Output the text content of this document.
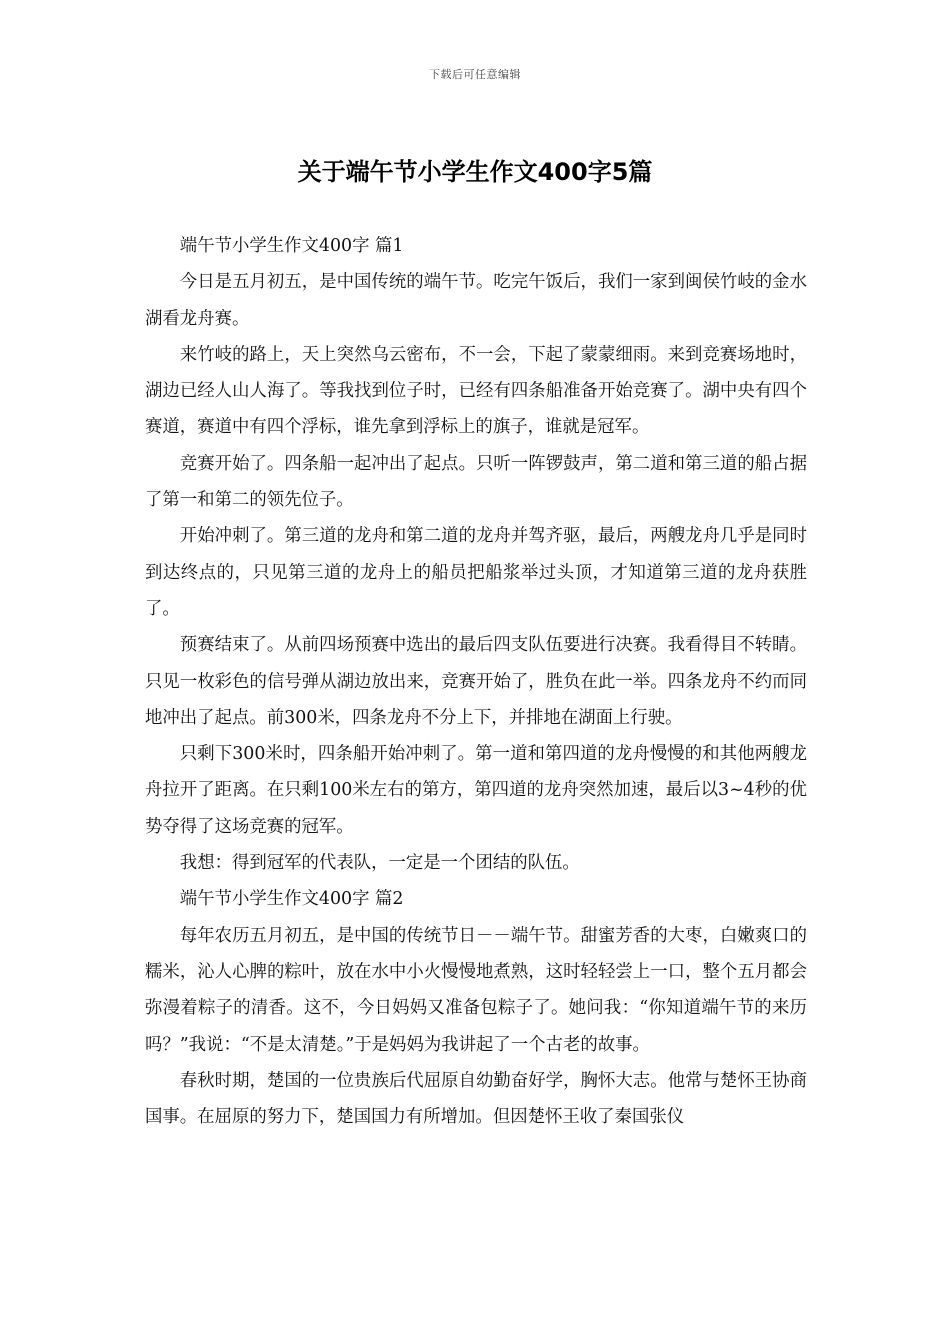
下载后可任意编辑
关于端午节小学生作文400字5篇

端午节小学生作文400字 篇1

今日是五月初五，是中国传统的端午节。吃完午饭后，我们一家到闽侯竹岐的金水湖看龙舟赛。

来竹岐的路上，天上突然乌云密布，不一会，下起了蒙蒙细雨。来到竞赛场地时，湖边已经人山人海了。等我找到位子时，已经有四条船准备开始竞赛了。湖中央有四个赛道，赛道中有四个浮标，谁先拿到浮标上的旗子，谁就是冠军。

竞赛开始了。四条船一起冲出了起点。只听一阵锣鼓声，第二道和第三道的船占据了第一和第二的领先位子。

开始冲刺了。第三道的龙舟和第二道的龙舟并驾齐驱，最后，两艘龙舟几乎是同时到达终点的，只见第三道的龙舟上的船员把船浆举过头顶，才知道第三道的龙舟获胜了。

预赛结束了。从前四场预赛中选出的最后四支队伍要进行决赛。我看得目不转睛。只见一枚彩色的信号弹从湖边放出来，竞赛开始了，胜负在此一举。四条龙舟不约而同地冲出了起点。前300米，四条龙舟不分上下，并排地在湖面上行驶。

只剩下300米时，四条船开始冲刺了。第一道和第四道的龙舟慢慢的和其他两艘龙舟拉开了距离。在只剩100米左右的第方，第四道的龙舟突然加速，最后以3~4秒的优势夺得了这场竞赛的冠军。

我想：得到冠军的代表队，一定是一个团结的队伍。

端午节小学生作文400字 篇2

每年农历五月初五，是中国的传统节日－－端午节。甜蜜芳香的大枣，白嫩爽口的糯米，沁人心脾的粽叶，放在水中小火慢慢地煮熟，这时轻轻尝上一口，整个五月都会弥漫着粽子的清香。这不，今日妈妈又准备包粽子了。她问我：“你知道端午节的来历吗？”我说：“不是太清楚。”于是妈妈为我讲起了一个古老的故事。

春秋时期，楚国的一位贵族后代屈原自幼勤奋好学，胸怀大志。他常与楚怀王协商国事。在屈原的努力下，楚国国力有所增加。但因楚怀王收了秦国张仪
